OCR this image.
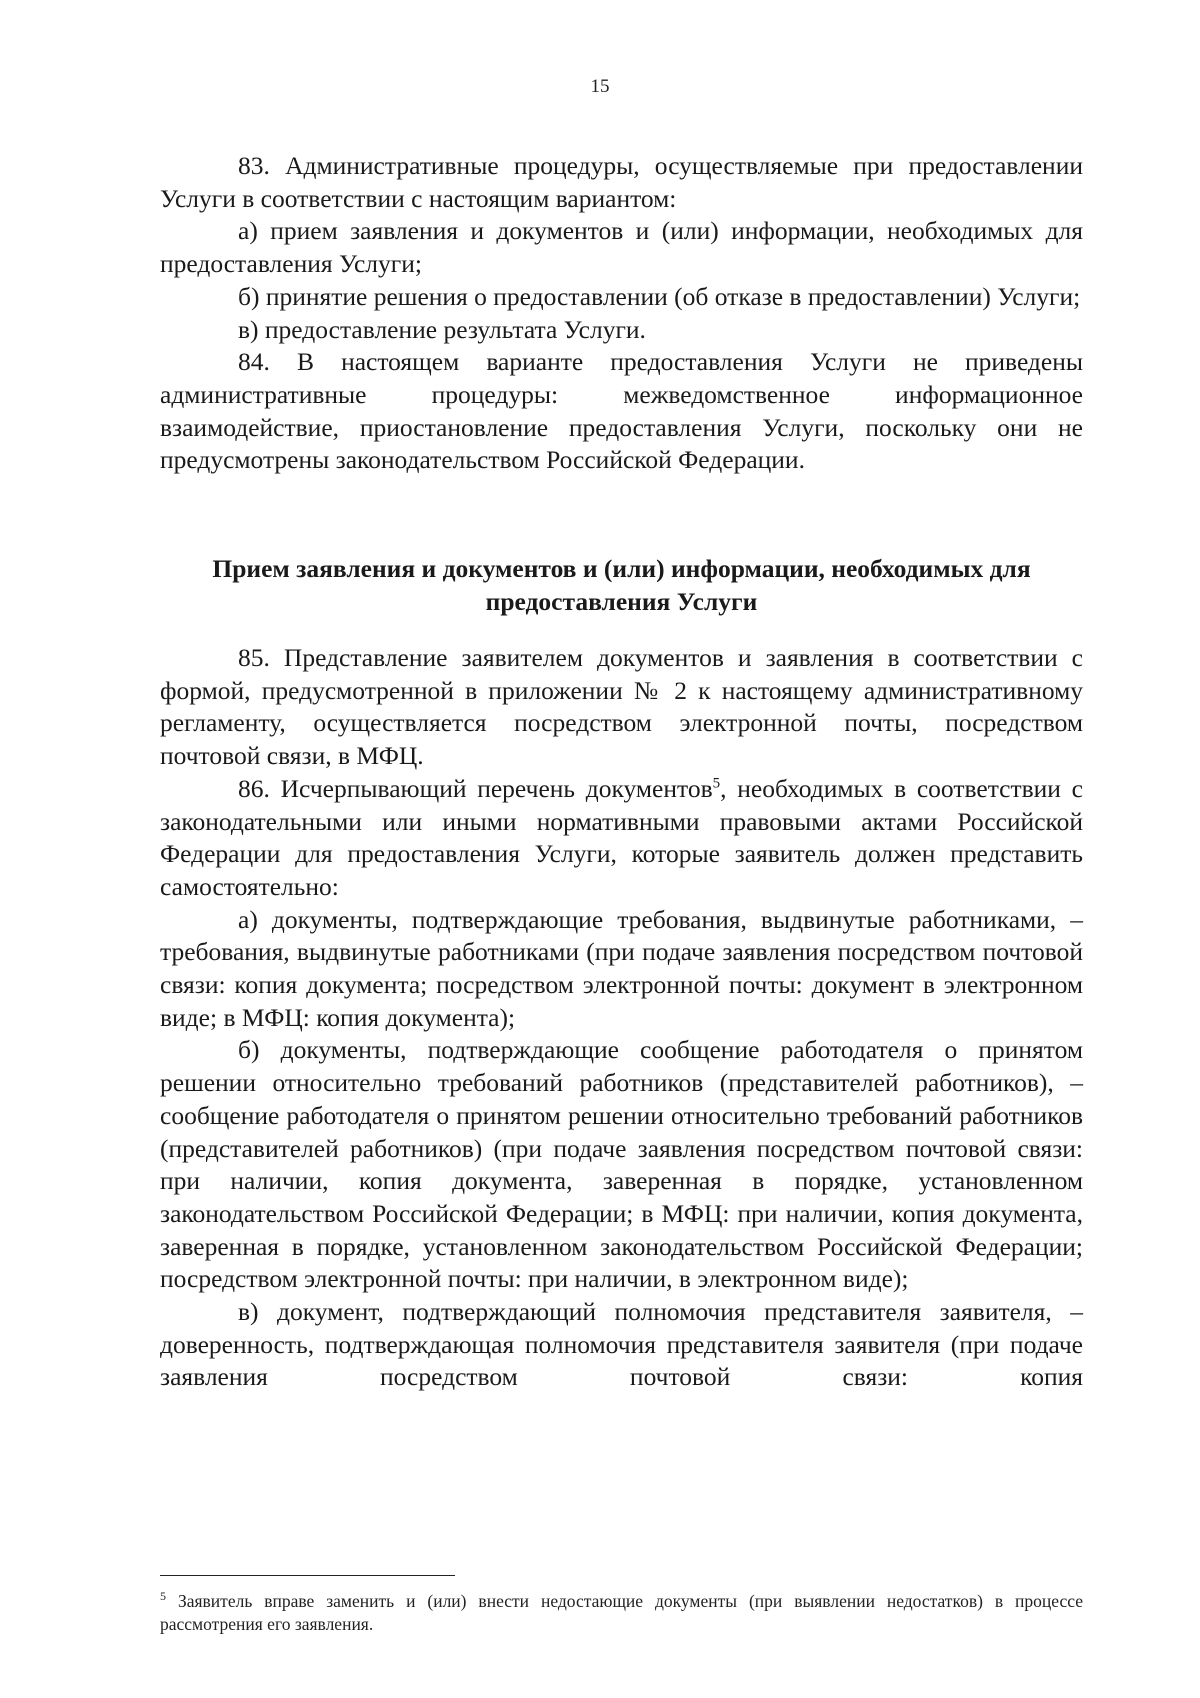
15

83. Административные процедуры, осуществляемые при предоставлении Услуги в соответствии с настоящим вариантом:

а) прием заявления и документов и (или) информации, необходимых для предоставления Услуги;

б) принятие решения о предоставлении (об отказе в предоставлении) Услуги;

в) предоставление результата Услуги.

84. В настоящем варианте предоставления Услуги не приведены административные процедуры: межведомственное информационное взаимодействие, приостановление предоставления Услуги, поскольку они не предусмотрены законодательством Российской Федерации.

Прием заявления и документов и (или) информации, необходимых для предоставления Услуги

85. Представление заявителем документов и заявления в соответствии с формой, предусмотренной в приложении № 2 к настоящему административному регламенту, осуществляется посредством электронной почты, посредством почтовой связи, в МФЦ.

86. Исчерпывающий перечень документов$^5$, необходимых в соответствии с законодательными или иными нормативными правовыми актами Российской Федерации для предоставления Услуги, которые заявитель должен представить самостоятельно:

а) документы, подтверждающие требования, выдвинутые работниками, – требования, выдвинутые работниками (при подаче заявления посредством почтовой связи: копия документа; посредством электронной почты: документ в электронном виде; в МФЦ: копия документа);

б) документы, подтверждающие сообщение работодателя о принятом решении относительно требований работников (представителей работников), – сообщение работодателя о принятом решении относительно требований работников (представителей работников) (при подаче заявления посредством почтовой связи: при наличии, копия документа, заверенная в порядке, установленном законодательством Российской Федерации; в МФЦ: при наличии, копия документа, заверенная в порядке, установленном законодательством Российской Федерации; посредством электронной почты: при наличии, в электронном виде);

в) документ, подтверждающий полномочия представителя заявителя, – доверенность, подтверждающая полномочия представителя заявителя (при подаче заявления посредством почтовой связи: копия

$^5$ Заявитель вправе заменить и (или) внести недостающие документы (при выявлении недостатков) в процессе рассмотрения его заявления.
